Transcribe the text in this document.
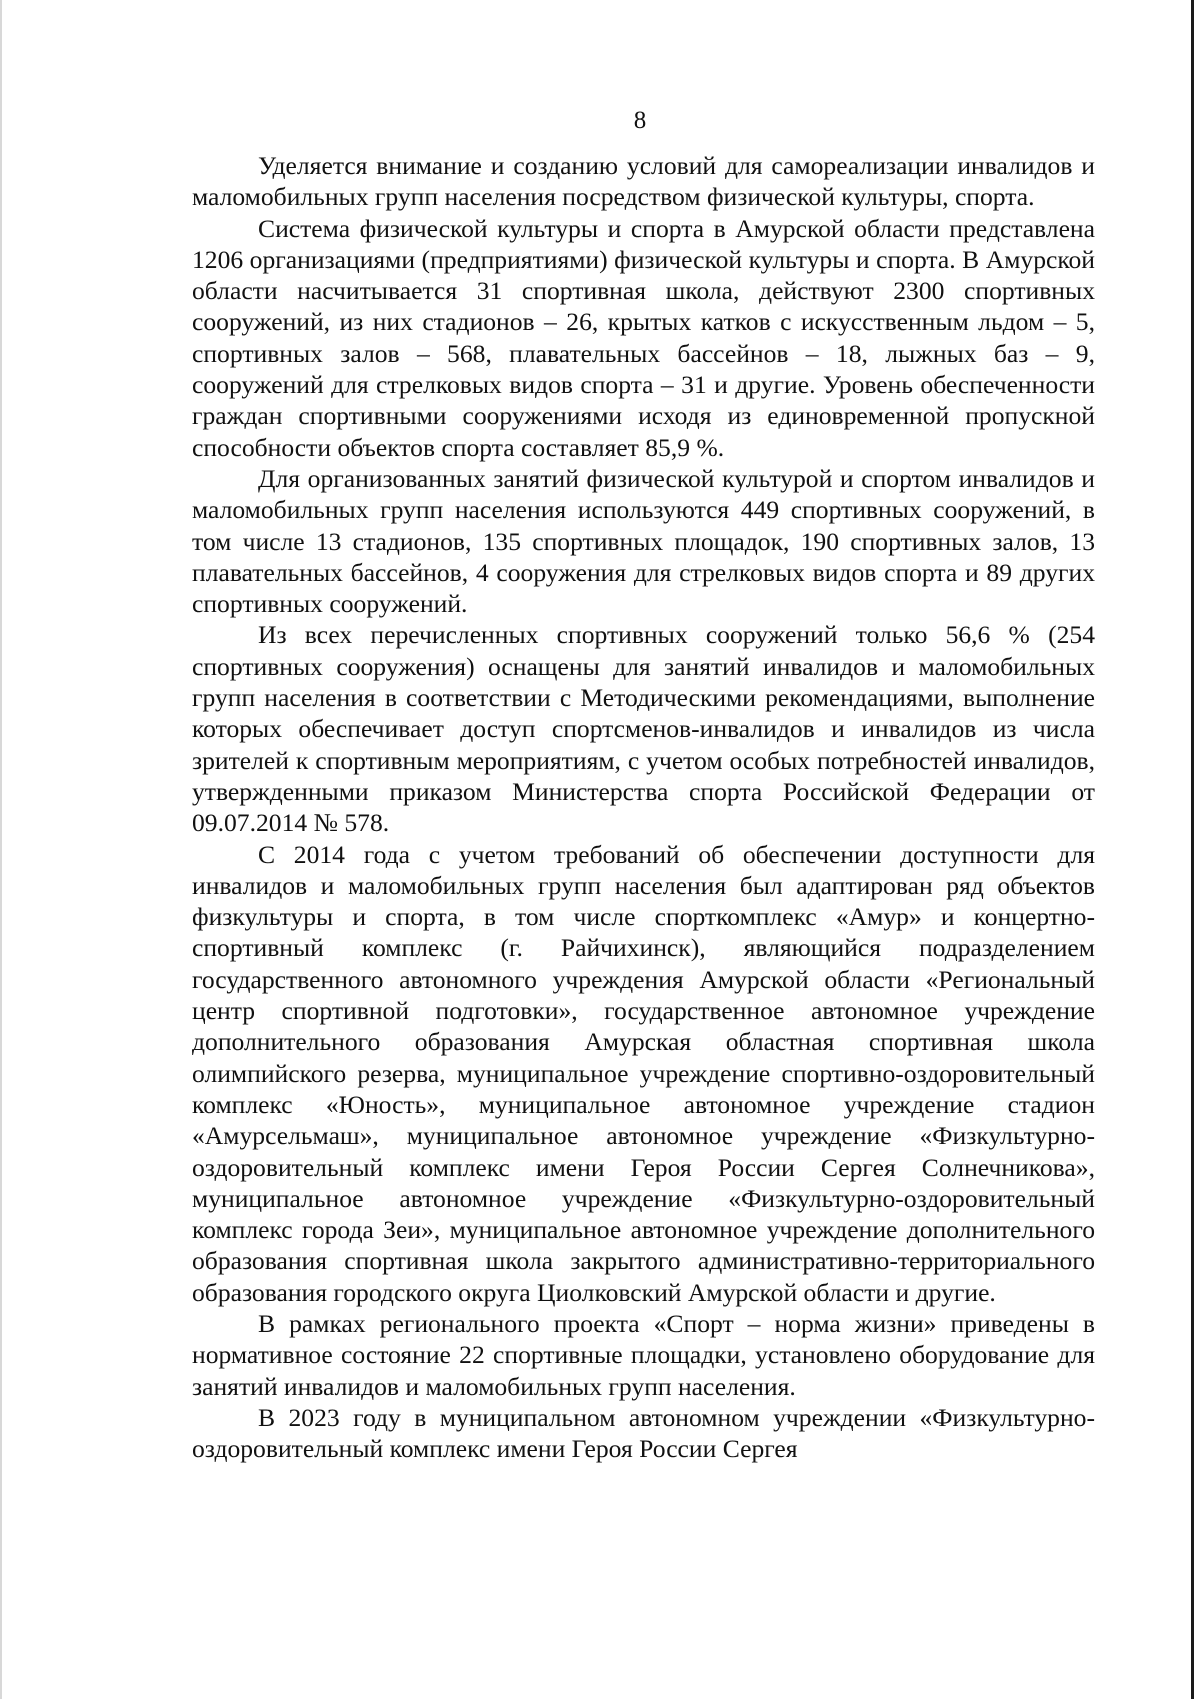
8

Уделяется внимание и созданию условий для самореализации инвалидов и маломобильных групп населения посредством физической культуры, спорта.

Система физической культуры и спорта в Амурской области представлена 1206 организациями (предприятиями) физической культуры и спорта. В Амурской области насчитывается 31 спортивная школа, действуют 2300 спортивных сооружений, из них стадионов – 26, крытых катков с искусственным льдом – 5, спортивных залов – 568, плавательных бассейнов – 18, лыжных баз – 9, сооружений для стрелковых видов спорта – 31 и другие. Уровень обеспеченности граждан спортивными сооружениями исходя из единовременной пропускной способности объектов спорта составляет 85,9 %.

Для организованных занятий физической культурой и спортом инвалидов и маломобильных групп населения используются 449 спортивных сооружений, в том числе 13 стадионов, 135 спортивных площадок, 190 спортивных залов, 13 плавательных бассейнов, 4 сооружения для стрелковых видов спорта и 89 других спортивных сооружений.

Из всех перечисленных спортивных сооружений только 56,6 % (254 спортивных сооружения) оснащены для занятий инвалидов и маломобильных групп населения в соответствии с Методическими рекомендациями, выполнение которых обеспечивает доступ спортсменов-инвалидов и инвалидов из числа зрителей к спортивным мероприятиям, с учетом особых потребностей инвалидов, утвержденными приказом Министерства спорта Российской Федерации от 09.07.2014 № 578.

С 2014 года с учетом требований об обеспечении доступности для инвалидов и маломобильных групп населения был адаптирован ряд объектов физкультуры и спорта, в том числе спорткомплекс «Амур» и концертно-спортивный комплекс (г. Райчихинск), являющийся подразделением государственного автономного учреждения Амурской области «Региональный центр спортивной подготовки», государственное автономное учреждение дополнительного образования Амурская областная спортивная школа олимпийского резерва, муниципальное учреждение спортивно-оздоровительный комплекс «Юность», муниципальное автономное учреждение стадион «Амурсельмаш», муниципальное автономное учреждение «Физкультурно-оздоровительный комплекс имени Героя России Сергея Солнечникова», муниципальное автономное учреждение «Физкультурно-оздоровительный комплекс города Зеи», муниципальное автономное учреждение дополнительного образования спортивная школа закрытого административно-территориального образования городского округа Циолковский Амурской области и другие.

В рамках регионального проекта «Спорт – норма жизни» приведены в нормативное состояние 22 спортивные площадки, установлено оборудование для занятий инвалидов и маломобильных групп населения.

В 2023 году в муниципальном автономном учреждении «Физкультурно-оздоровительный комплекс имени Героя России Сергея
